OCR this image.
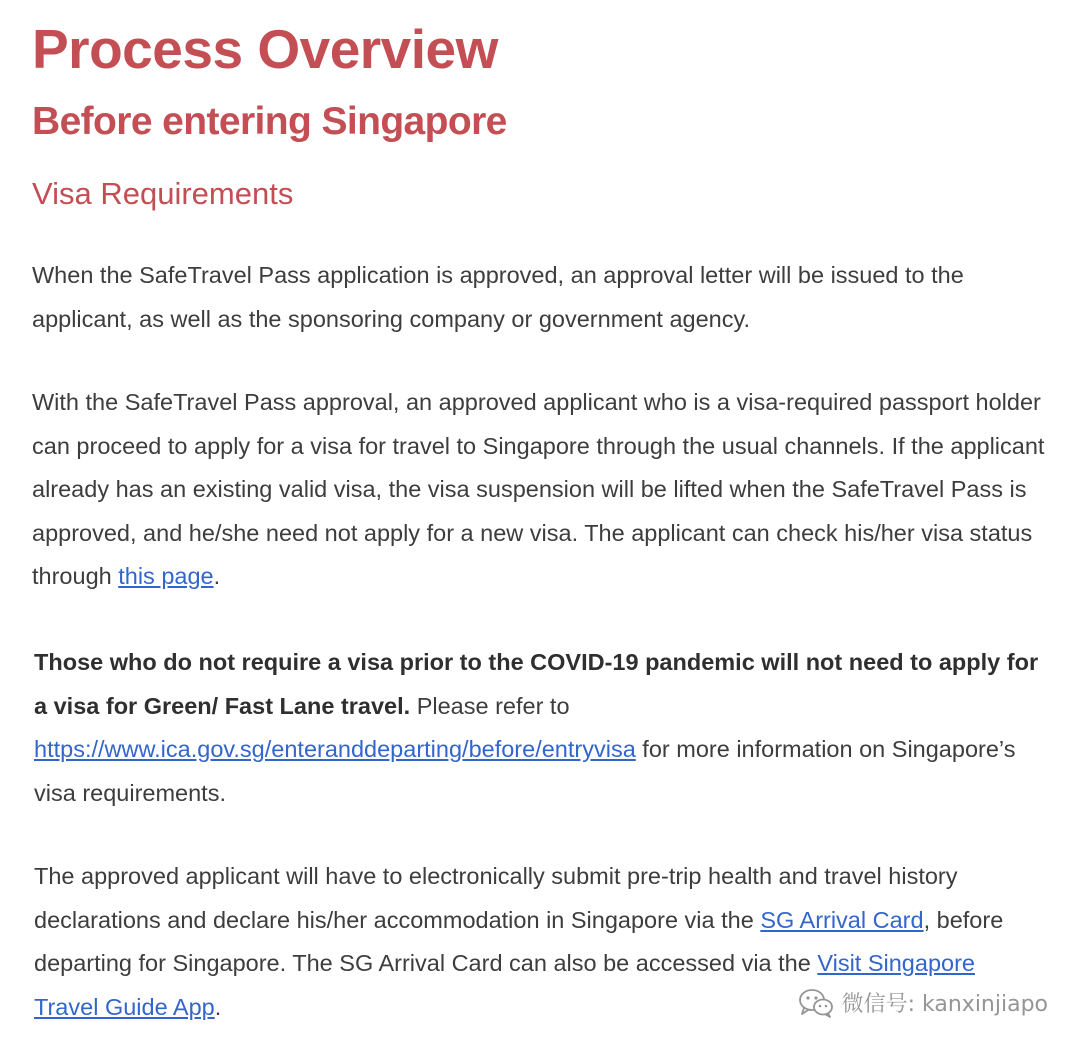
Process Overview
Before entering Singapore
Visa Requirements

When the SafeTravel Pass application is approved, an approval letter will be issued to the applicant, as well as the sponsoring company or government agency.

With the SafeTravel Pass approval, an approved applicant who is a visa-required passport holder can proceed to apply for a visa for travel to Singapore through the usual channels. If the applicant already has an existing valid visa, the visa suspension will be lifted when the SafeTravel Pass is approved, and he/she need not apply for a new visa. The applicant can check his/her visa status through this page.

Those who do not require a visa prior to the COVID-19 pandemic will not need to apply for a visa for Green/ Fast Lane travel. Please refer to https://www.ica.gov.sg/enteranddeparting/before/entryvisa for more information on Singapore’s visa requirements.

The approved applicant will have to electronically submit pre-trip health and travel history declarations and declare his/her accommodation in Singapore via the SG Arrival Card, before departing for Singapore. The SG Arrival Card can also be accessed via the Visit Singapore Travel Guide App.	微信号: kanxinjiapo
